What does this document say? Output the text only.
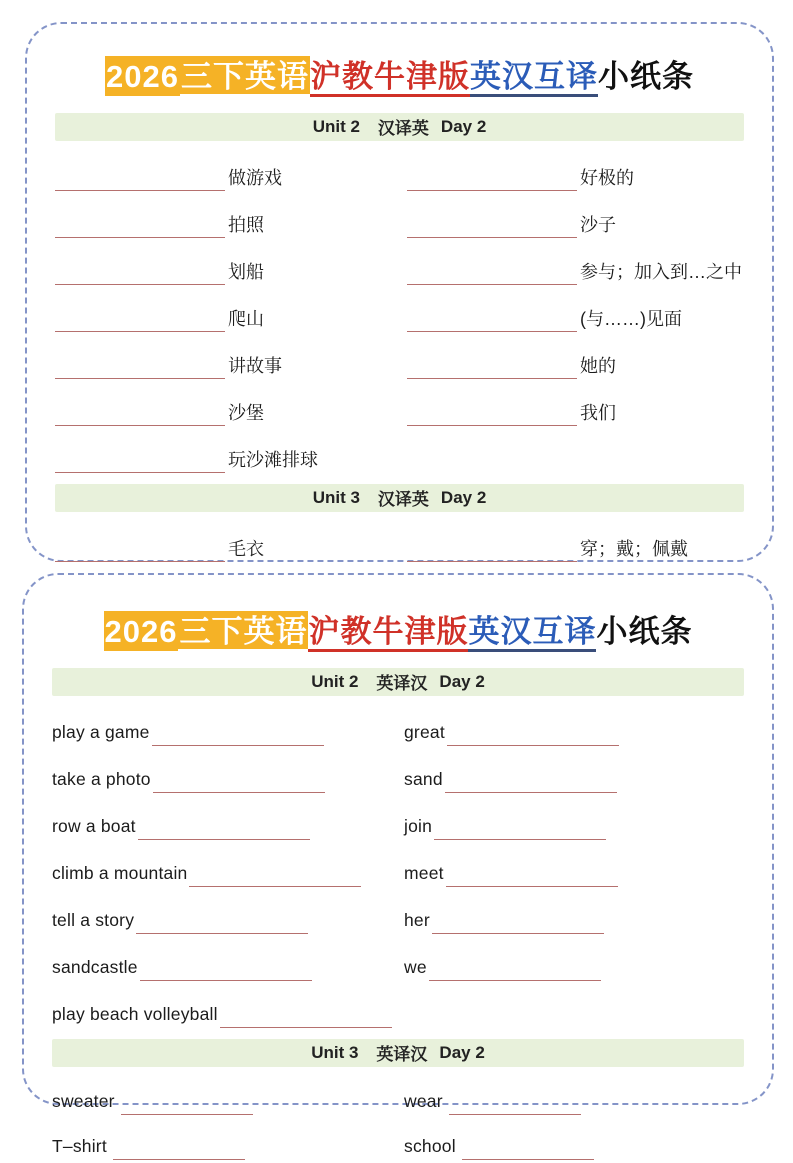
2026三下英语沪教牛津版英汉互译小纸条
Unit 2 汉译英 Day 2
做游戏	好极的
拍照	沙子
划船	参与；加入到…之中
爬山	(与……)见面
讲故事	她的
沙堡	我们
玩沙滩排球
Unit 3 汉译英 Day 2
毛衣	穿；戴；佩戴
2026三下英语沪教牛津版英汉互译小纸条
Unit 2 英译汉 Day 2
play a game	great
take a photo	sand
row a boat	join
climb a mountain	meet
tell a story	her
sandcastle	we
play beach volleyball
Unit 3 英译汉 Day 2
sweater	wear
T–shirt	school
